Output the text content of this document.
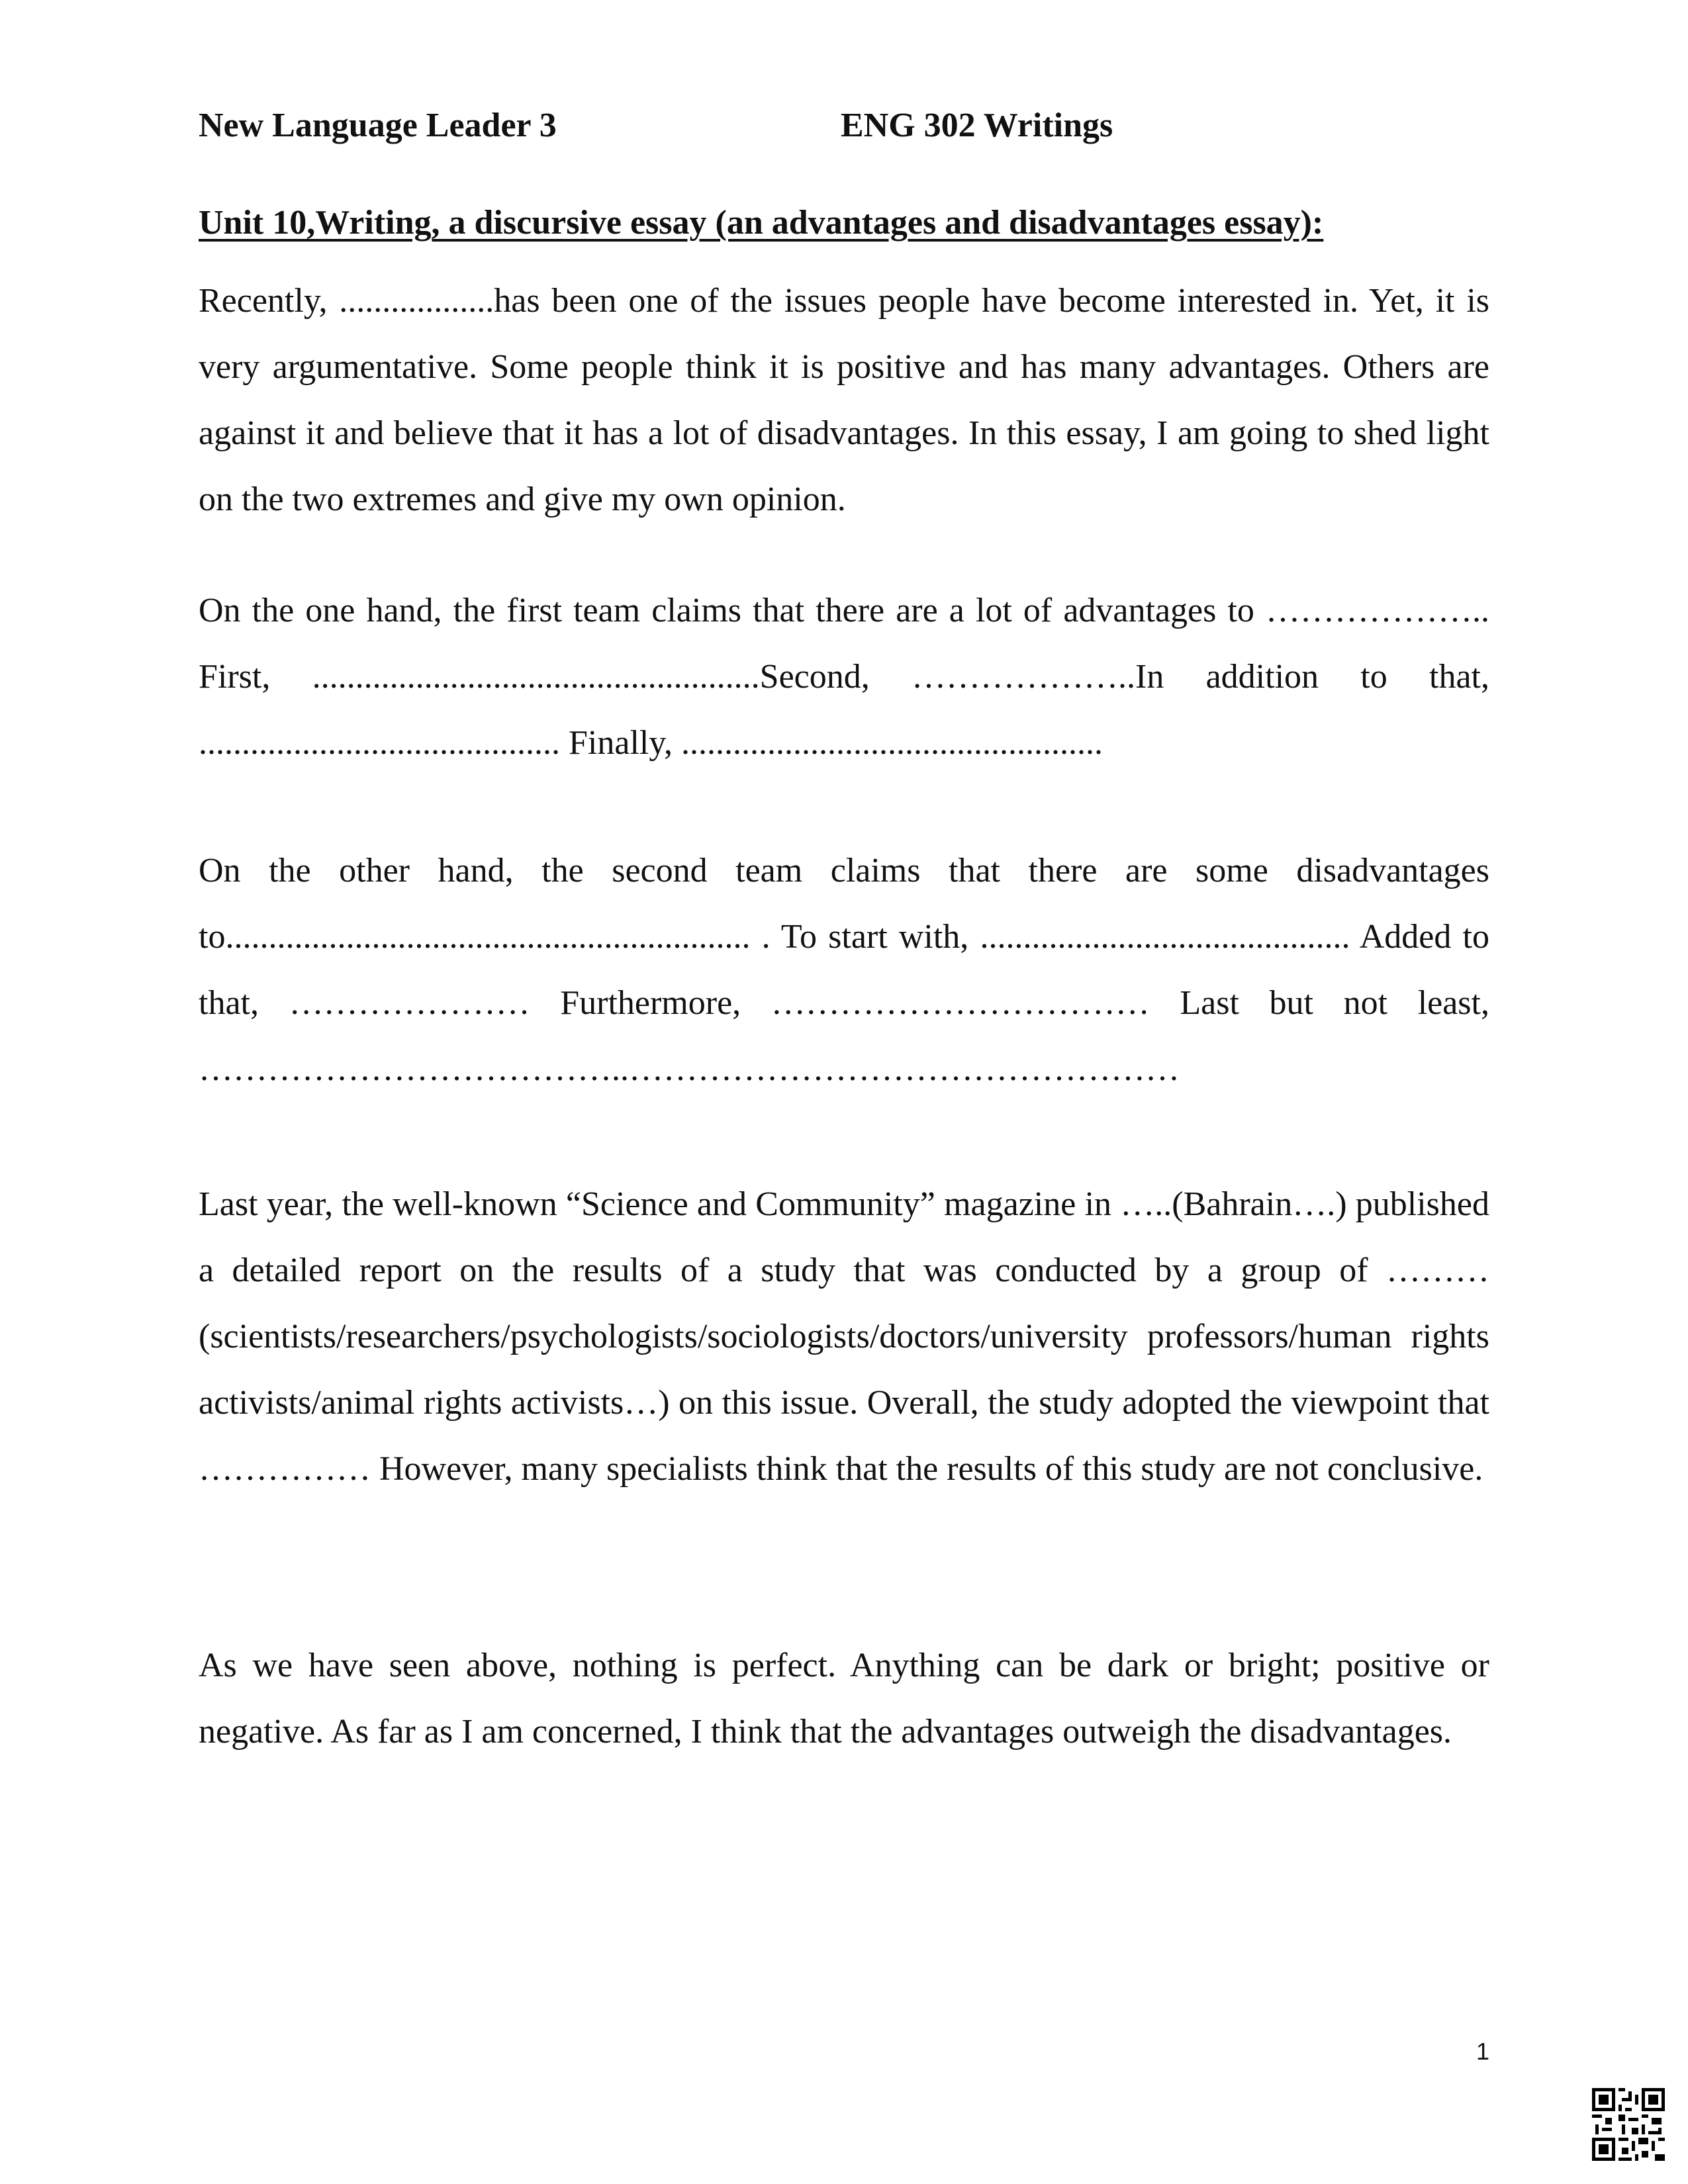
New Language Leader 3	ENG 302 Writings
Unit 10,Writing, a discursive essay (an advantages and disadvantages essay):

Recently, ..................has been one of the issues people have become interested in. Yet, it is very argumentative. Some people think it is positive and has many advantages. Others are against it and believe that it has a lot of disadvantages. In this essay, I am going to shed light on the two extremes and give my own opinion.

On the one hand, the first team claims that there are a lot of advantages to ……………….. First, ....................................................Second, ………………..In addition to that, .......................................... Finally, .................................................

On the other hand, the second team claims that there are some disadvantages to............................................................. . To start with, ........................................... Added to that, ………………… Furthermore, …………………………… Last but not least, ………………………………..…………………………………………

Last year, the well-known “Science and Community” magazine in …..(Bahrain….) published a detailed report on the results of a study that was conducted by a group of ……… (scientists/researchers/psychologists/sociologists/doctors/university professors/human rights activists/animal rights activists…) on this issue. Overall, the study adopted the viewpoint that …………… However, many specialists think that the results of this study are not conclusive.

As we have seen above, nothing is perfect. Anything can be dark or bright; positive or negative. As far as I am concerned, I think that the advantages outweigh the disadvantages.

1
